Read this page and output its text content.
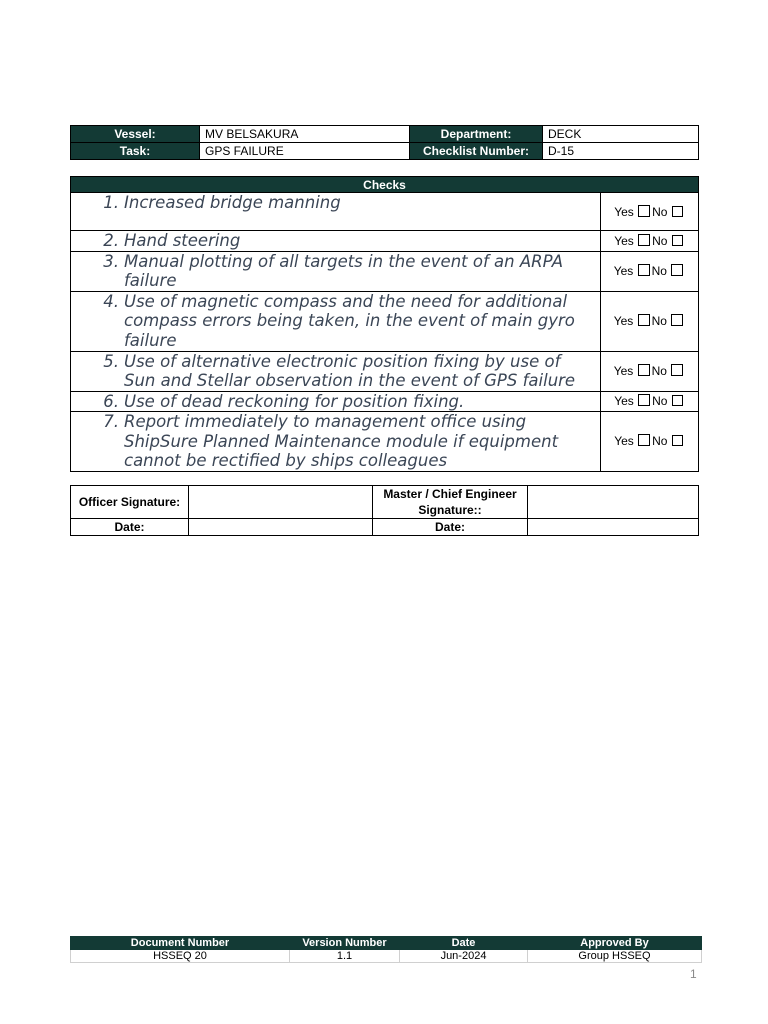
Vessel:	MV BELSAKURA	Department:	DECK
Task:	GPS FAILURE	Checklist Number:	D-15
Checks	

1. Increased bridge manning	Yes No

2. Hand steering	Yes No

3. Manual plotting of all targets in the event of an ARPA failure	Yes No

4. Use of magnetic compass and the need for additional compass errors being taken, in the event of main gyro failure	Yes No

5. Use of alternative electronic position fixing by use of Sun and Stellar observation in the event of GPS failure	Yes No

6. Use of dead reckoning for position fixing.	Yes No

7. Report immediately to management office using ShipSure Planned Maintenance module if equipment cannot be rectified by ships colleagues	Yes No
Officer Signature:		Master / Chief Engineer Signature::	
Date:		Date:	
Document Number	Version Number	Date	Approved By
HSSEQ 20	1.1	Jun-2024	Group HSSEQ
1
